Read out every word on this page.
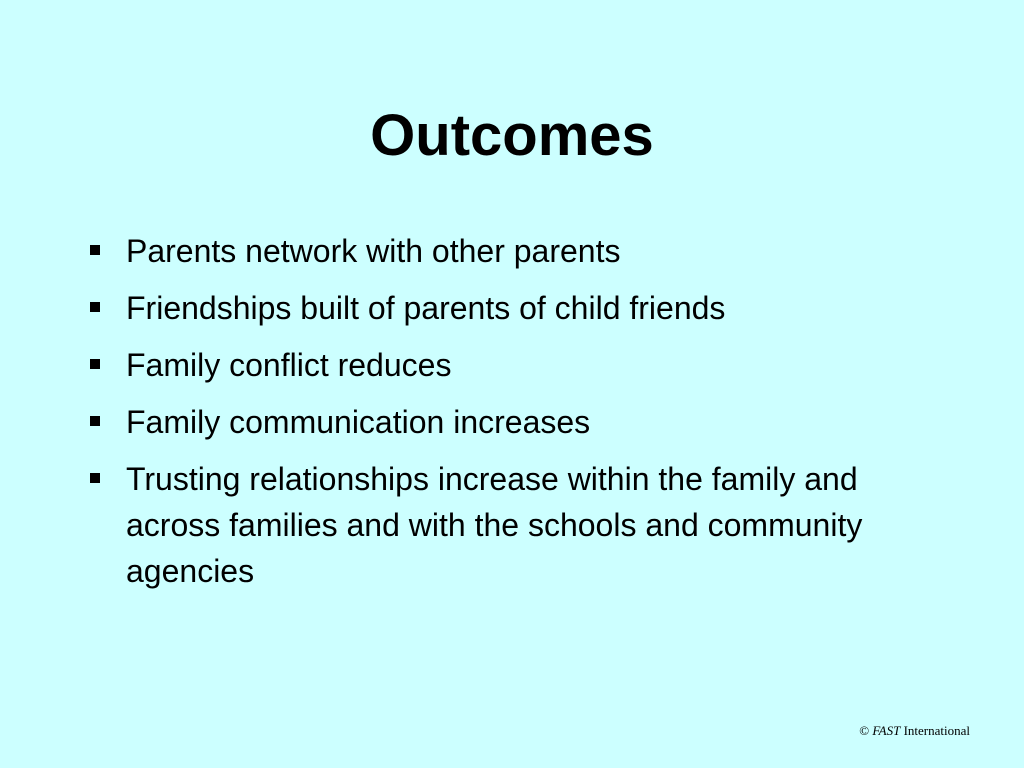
Outcomes
Parents network with other parents
Friendships built of parents of child friends
Family conflict reduces
Family communication increases
Trusting relationships increase within the family and across families and with the schools and community agencies
© FAST International
